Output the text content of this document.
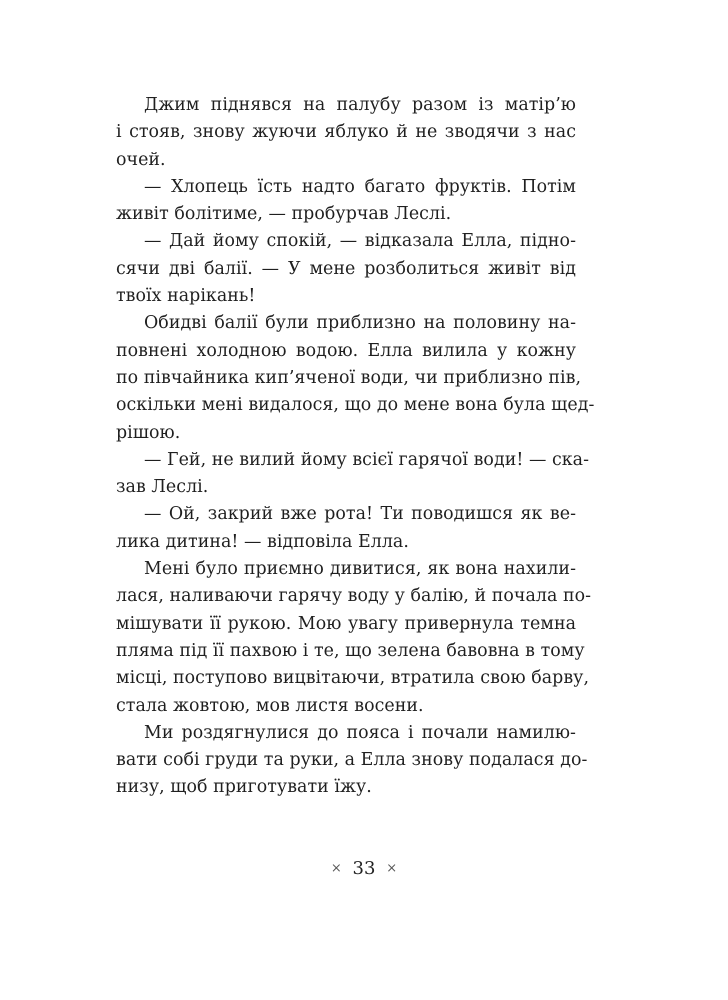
Джим піднявся на палубу разом із матір’ю
і стояв, знову жуючи яблуко й не зводячи з нас
очей.
— Хлопець їсть надто багато фруктів. Потім
живіт болітиме, — пробурчав Леслі.
— Дай йому спокій, — відказала Елла, підно-
сячи дві балії. — У мене розболиться живіт від
твоїх нарікань!
Обидві балії були приблизно на половину на-
повнені холодною водою. Елла вилила у кожну
по півчайника кип’яченої води, чи приблизно пів,
оскільки мені видалося, що до мене вона була щед-
рішою.
— Гей, не вилий йому всієї гарячої води! — ска-
зав Леслі.
— Ой, закрий вже рота! Ти поводишся як ве-
лика дитина! — відповіла Елла.
Мені було приємно дивитися, як вона нахили-
лася, наливаючи гарячу воду у балію, й почала по-
мішувати її рукою. Мою увагу привернула темна
пляма під її пахвою і те, що зелена бавовна в тому
місці, поступово вицвітаючи, втратила свою барву,
стала жовтою, мов листя восени.
Ми роздягнулися до пояса і почали намилю-
вати собі груди та руки, а Елла знову подалася до-
низу, щоб приготувати їжу.
× 33 ×
